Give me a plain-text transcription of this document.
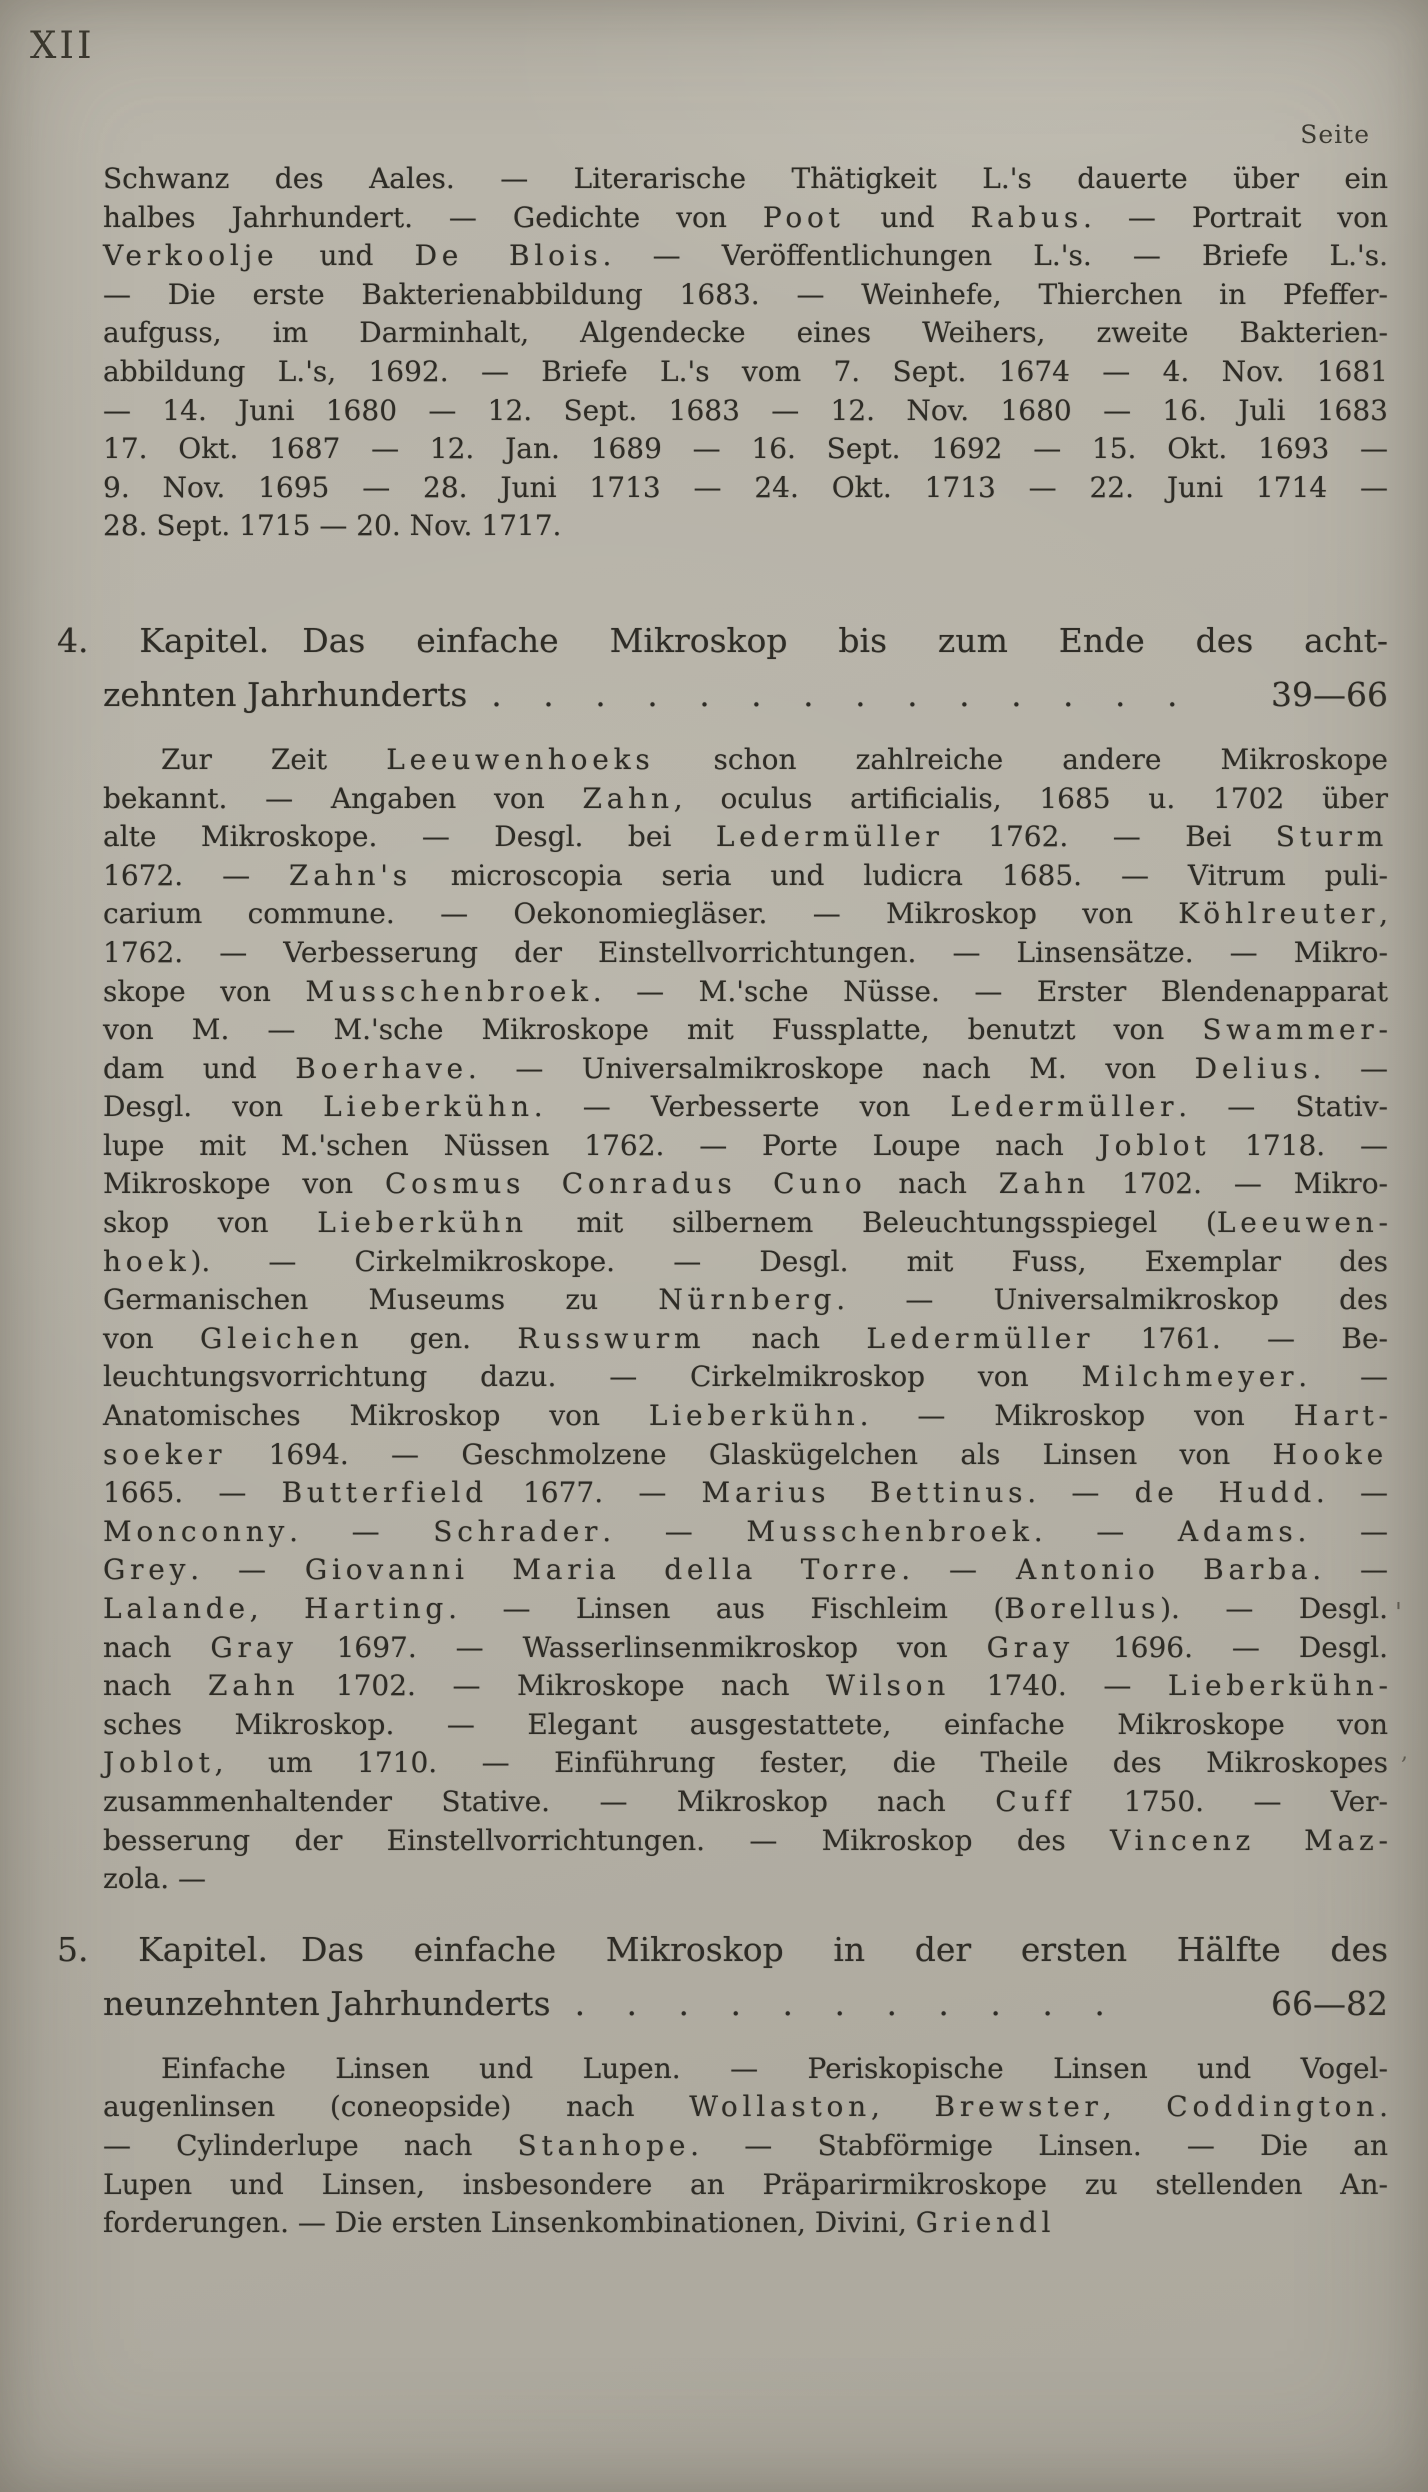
XII
Seite
Schwanz des Aales. — Literarische Thätigkeit L.'s dauerte über ein
halbes Jahrhundert. — Gedichte von Poot und Rabus. — Portrait von
Verkoolje und De Blois. — Veröffentlichungen L.'s. — Briefe L.'s.
— Die erste Bakterienabbildung 1683. — Weinhefe, Thierchen in Pfeffer-
aufguss, im Darminhalt, Algendecke eines Weihers, zweite Bakterien-
abbildung L.'s, 1692. — Briefe L.'s vom 7. Sept. 1674 — 4. Nov. 1681
— 14. Juni 1680 — 12. Sept. 1683 — 12. Nov. 1680 — 16. Juli 1683
17. Okt. 1687 — 12. Jan. 1689 — 16. Sept. 1692 — 15. Okt. 1693 —
9. Nov. 1695 — 28. Juni 1713 — 24. Okt. 1713 — 22. Juni 1714 —
28. Sept. 1715 — 20. Nov. 1717.
4. Kapitel. Das einfache Mikroskop bis zum Ende des acht-
zehnten Jahrhunderts . . . . . . . . . . . . . .	39—66
Zur Zeit Leeuwenhoeks schon zahlreiche andere Mikroskope
bekannt. — Angaben von Zahn, oculus artificialis, 1685 u. 1702 über
alte Mikroskope. — Desgl. bei Ledermüller 1762. — Bei Sturm
1672. — Zahn's microscopia seria und ludicra 1685. — Vitrum puli-
carium commune. — Oekonomiegläser. — Mikroskop von Köhlreuter,
1762. — Verbesserung der Einstellvorrichtungen. — Linsensätze. — Mikro-
skope von Musschenbroek. — M.'sche Nüsse. — Erster Blendenapparat
von M. — M.'sche Mikroskope mit Fussplatte, benutzt von Swammer-
dam und Boerhave. — Universalmikroskope nach M. von Delius. —
Desgl. von Lieberkühn. — Verbesserte von Ledermüller. — Stativ-
lupe mit M.'schen Nüssen 1762. — Porte Loupe nach Joblot 1718. —
Mikroskope von Cosmus Conradus Cuno nach Zahn 1702. — Mikro-
skop von Lieberkühn mit silbernem Beleuchtungsspiegel (Leeuwen-
hoek). — Cirkelmikroskope. — Desgl. mit Fuss, Exemplar des
Germanischen Museums zu Nürnberg. — Universalmikroskop des
von Gleichen gen. Russwurm nach Ledermüller 1761. — Be-
leuchtungsvorrichtung dazu. — Cirkelmikroskop von Milchmeyer. —
Anatomisches Mikroskop von Lieberkühn. — Mikroskop von Hart-
soeker 1694. — Geschmolzene Glaskügelchen als Linsen von Hooke
1665. — Butterfield 1677. — Marius Bettinus. — de Hudd. —
Monconny. — Schrader. — Musschenbroek. — Adams. —
Grey. — Giovanni Maria della Torre. — Antonio Barba. —
Lalande, Harting. — Linsen aus Fischleim (Borellus). — Desgl.
nach Gray 1697. — Wasserlinsenmikroskop von Gray 1696. — Desgl.
nach Zahn 1702. — Mikroskope nach Wilson 1740. — Lieberkühn-
sches Mikroskop. — Elegant ausgestattete, einfache Mikroskope von
Joblot, um 1710. — Einführung fester, die Theile des Mikroskopes
zusammenhaltender Stative. — Mikroskop nach Cuff 1750. — Ver-
besserung der Einstellvorrichtungen. — Mikroskop des Vincenz Maz-
zola. —
5. Kapitel. Das einfache Mikroskop in der ersten Hälfte des
neunzehnten Jahrhunderts . . . . . . . . . . .	66—82
Einfache Linsen und Lupen. — Periskopische Linsen und Vogel-
augenlinsen (coneopside) nach Wollaston, Brewster, Coddington.
— Cylinderlupe nach Stanhope. — Stabförmige Linsen. — Die an
Lupen und Linsen, insbesondere an Präparirmikroskope zu stellenden An-
forderungen. — Die ersten Linsenkombinationen, Divini, Griendl
'
,
